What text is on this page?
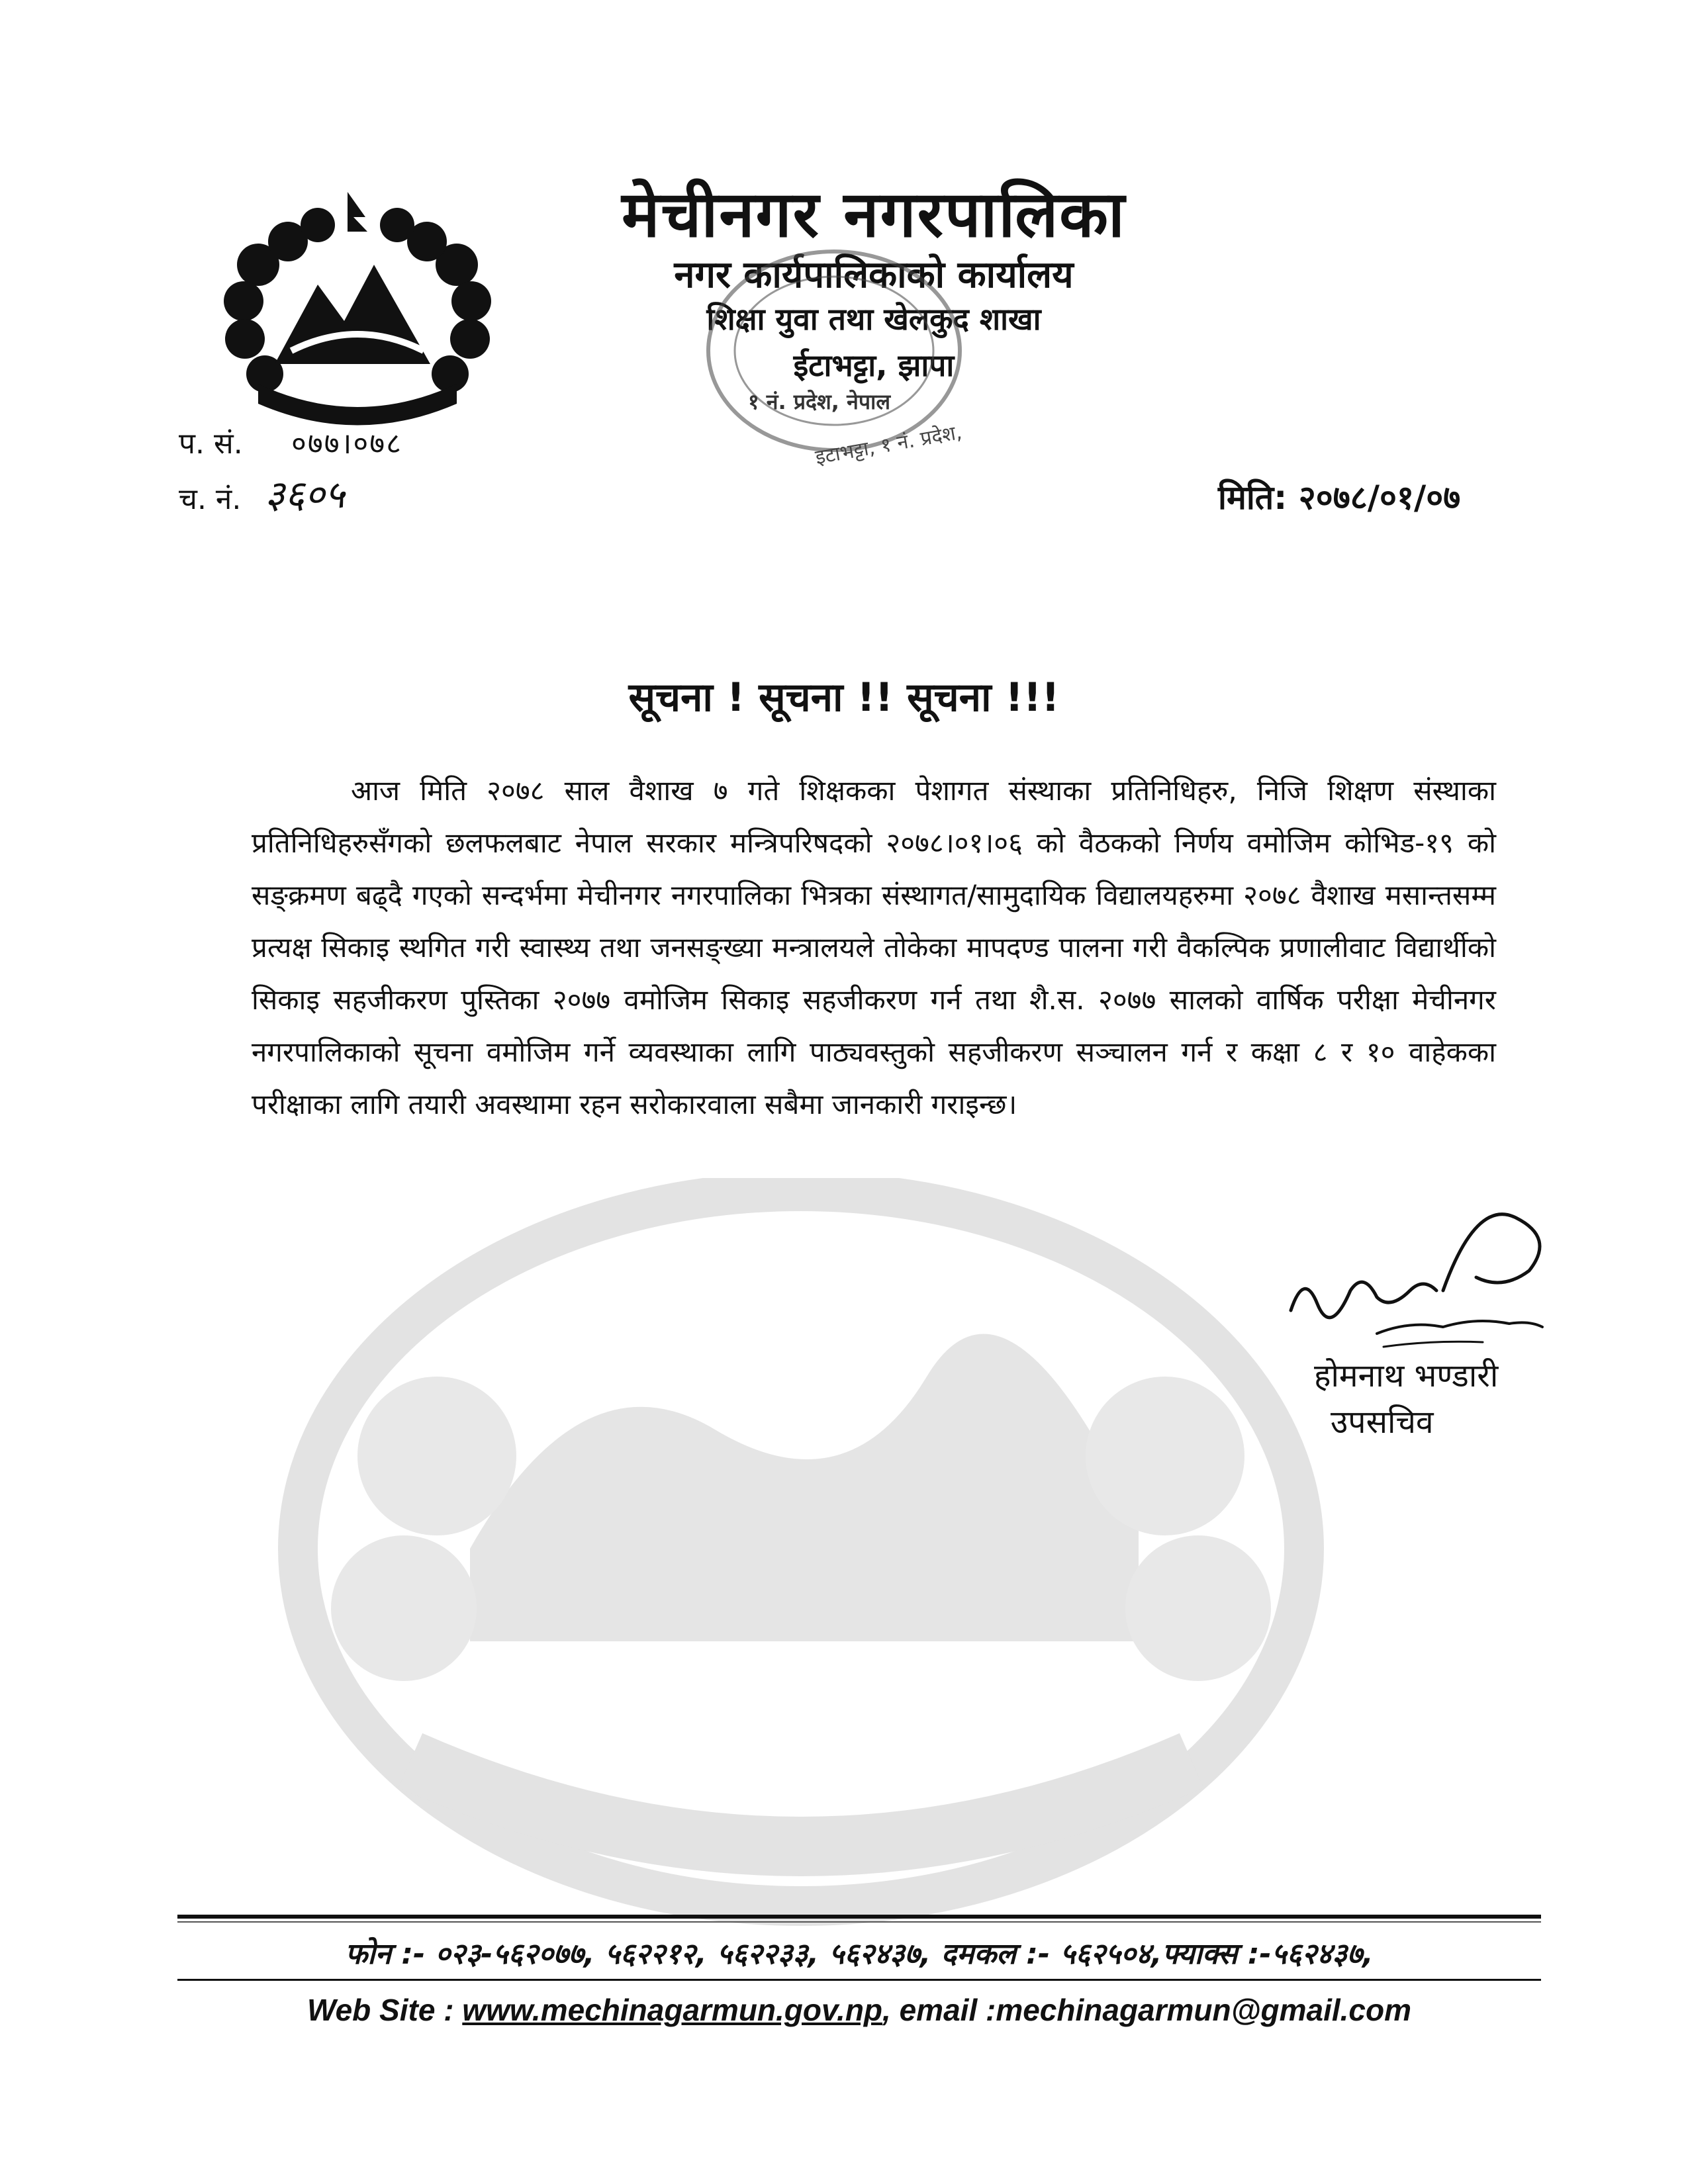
मेचीनगर नगरपालिका
नगर कार्यपालिकाको कार्यालय
शिक्षा युवा तथा खेलकुद शाखा
ईटाभट्टा, झापा
१ नं. प्रदेश, नेपाल
इटाभट्टा, १ नं. प्रदेश,
प. सं. ०७७।०७८
च. नं. ३६०५	मिति: २०७८/०१/०७
सूचना ! सूचना !! सूचना !!!

आज मिति २०७८ साल वैशाख ७ गते शिक्षकका पेशागत संस्थाका प्रतिनिधिहरु, निजि शिक्षण संस्थाका प्रतिनिधिहरुसँगको छलफलबाट नेपाल सरकार मन्त्रिपरिषदको २०७८।०१।०६ को वैठकको निर्णय वमोजिम कोभिड-१९ को सङ्क्रमण बढ्दै गएको सन्दर्भमा मेचीनगर नगरपालिका भित्रका संस्थागत/सामुदायिक विद्यालयहरुमा २०७८ वैशाख मसान्तसम्म प्रत्यक्ष सिकाइ स्थगित गरी स्वास्थ्य तथा जनसङ्ख्या मन्त्रालयले तोकेका मापदण्ड पालना गरी वैकल्पिक प्रणालीवाट विद्यार्थीको सिकाइ सहजीकरण पुस्तिका २०७७ वमोजिम सिकाइ सहजीकरण गर्न तथा शै.स. २०७७ सालको वार्षिक परीक्षा मेचीनगर नगरपालिकाको सूचना वमोजिम गर्ने व्यवस्थाका लागि पाठ्यवस्तुको सहजीकरण सञ्चालन गर्न र कक्षा ८ र १० वाहेकका परीक्षाका लागि तयारी अवस्थामा रहन सरोकारवाला सबैमा जानकारी गराइन्छ।

होमनाथ भण्डारी
उपसचिव
फोन :- ०२३-५६२०७७, ५६२२१२, ५६२२३३, ५६२४३७, दमकल :- ५६२५०४,फ्याक्स :-५६२४३७,
Web Site : www.mechinagarmun.gov.np, email :mechinagarmun@gmail.com
